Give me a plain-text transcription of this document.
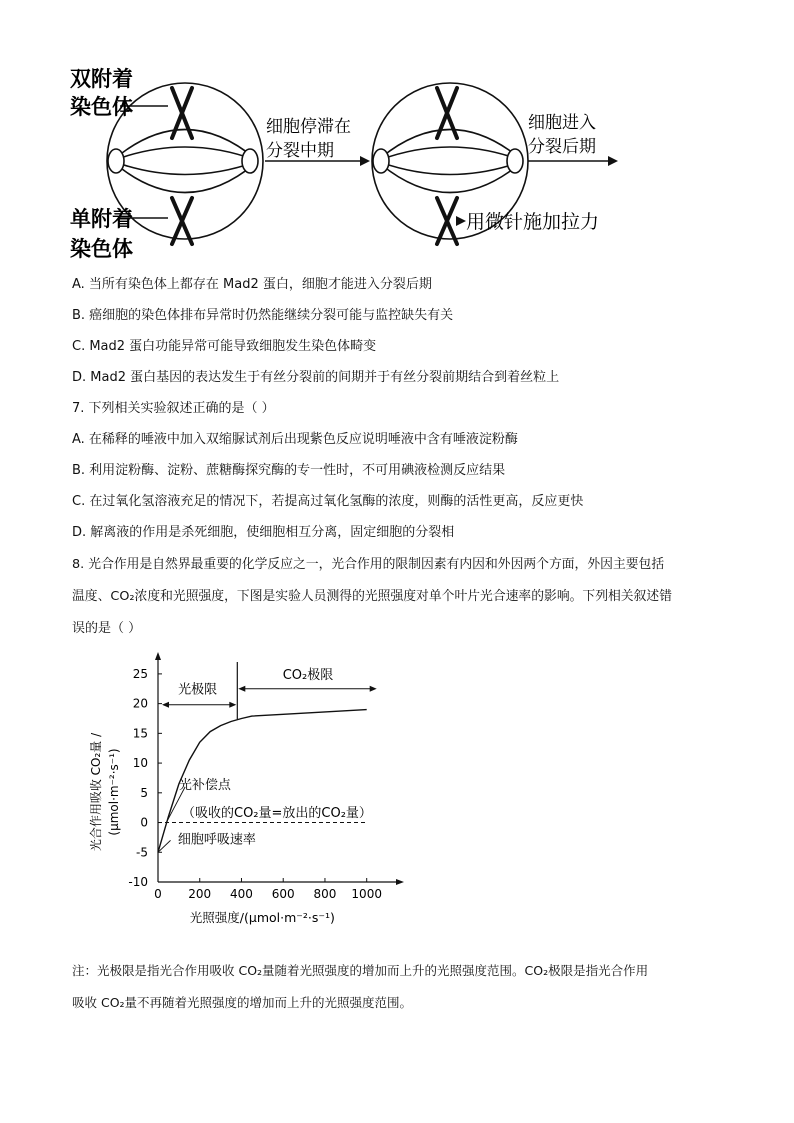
双附着
染色体
单附着
染色体
细胞停滞在
分裂中期
细胞进入
分裂后期
用微针施加拉力
A. 当所有染色体上都存在 Mad2 蛋白，细胞才能进入分裂后期
B. 癌细胞的染色体排布异常时仍然能继续分裂可能与监控缺失有关
C. Mad2 蛋白功能异常可能导致细胞发生染色体畸变
D. Mad2 蛋白基因的表达发生于有丝分裂前的间期并于有丝分裂前期结合到着丝粒上
7. 下列相关实验叙述正确的是（ ）
A. 在稀释的唾液中加入双缩脲试剂后出现紫色反应说明唾液中含有唾液淀粉酶
B. 利用淀粉酶、淀粉、蔗糖酶探究酶的专一性时，不可用碘液检测反应结果
C. 在过氧化氢溶液充足的情况下，若提高过氧化氢酶的浓度，则酶的活性更高，反应更快
D. 解离液的作用是杀死细胞，使细胞相互分离，固定细胞的分裂相
8. 光合作用是自然界最重要的化学反应之一，光合作用的限制因素有内因和外因两个方面，外因主要包括
温度、CO₂浓度和光照强度，下图是实验人员测得的光照强度对单个叶片光合速率的影响。下列相关叙述错
误的是（ ）
-10
-5
0
5
10
15
20
25
0 200 400 600 800 1000
光合作用吸收 CO₂量 / (μmol·m⁻²·s⁻¹)
光照强度/(μmol·m⁻²·s⁻¹)
光极限
CO₂极限
光补偿点
（吸收的CO₂量=放出的CO₂量）
细胞呼吸速率
注：光极限是指光合作用吸收 CO₂量随着光照强度的增加而上升的光照强度范围。CO₂极限是指光合作用
吸收 CO₂量不再随着光照强度的增加而上升的光照强度范围。
